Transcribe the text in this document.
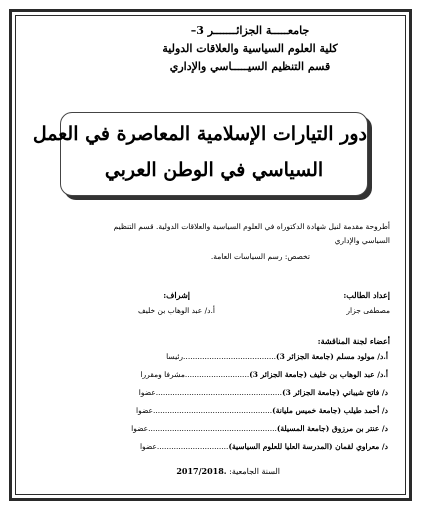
جامعـــــة الجزائـــــــر 3–
كلية العلوم السياسية والعلاقات الدولية
قسم التنظيم السيـــــاسي والإداري
دور التيارات الإسلامية المعاصرة في العمل
السياسي في الوطن العربي
أطروحة مقدمة لنيل شهادة الدكتوراه في العلوم السياسية والعلاقات الدولية. قسم التنظيم
السياسي والإداري
تخصص: رسم السياسات العامة.
إعداد الطالب:
مصطفى جزار
إشراف:
أ.د/ عبد الوهاب بن خليف
أعضاء لجنة المناقشة:
أ.د/ مولود مسلم (جامعة الجزائر 3).......................................رئيسا
أ.د/ عبد الوهاب بن خليف (جامعة الجزائر 3)...........................مشرفا ومقررا
د/ فاتح شيباني (جامعة الجزائر 3).....................................................عضوا
د/ أحمد طيلب (جامعة خميس مليانة)..................................................عضوا
د/ عنتر بن مرزوق (جامعة المسيلة)......................................................عضوا
د/ معراوي لقمان (المدرسة العليا للعلوم السياسية)..............................عضوا
السنة الجامعية: 2017/2018.
